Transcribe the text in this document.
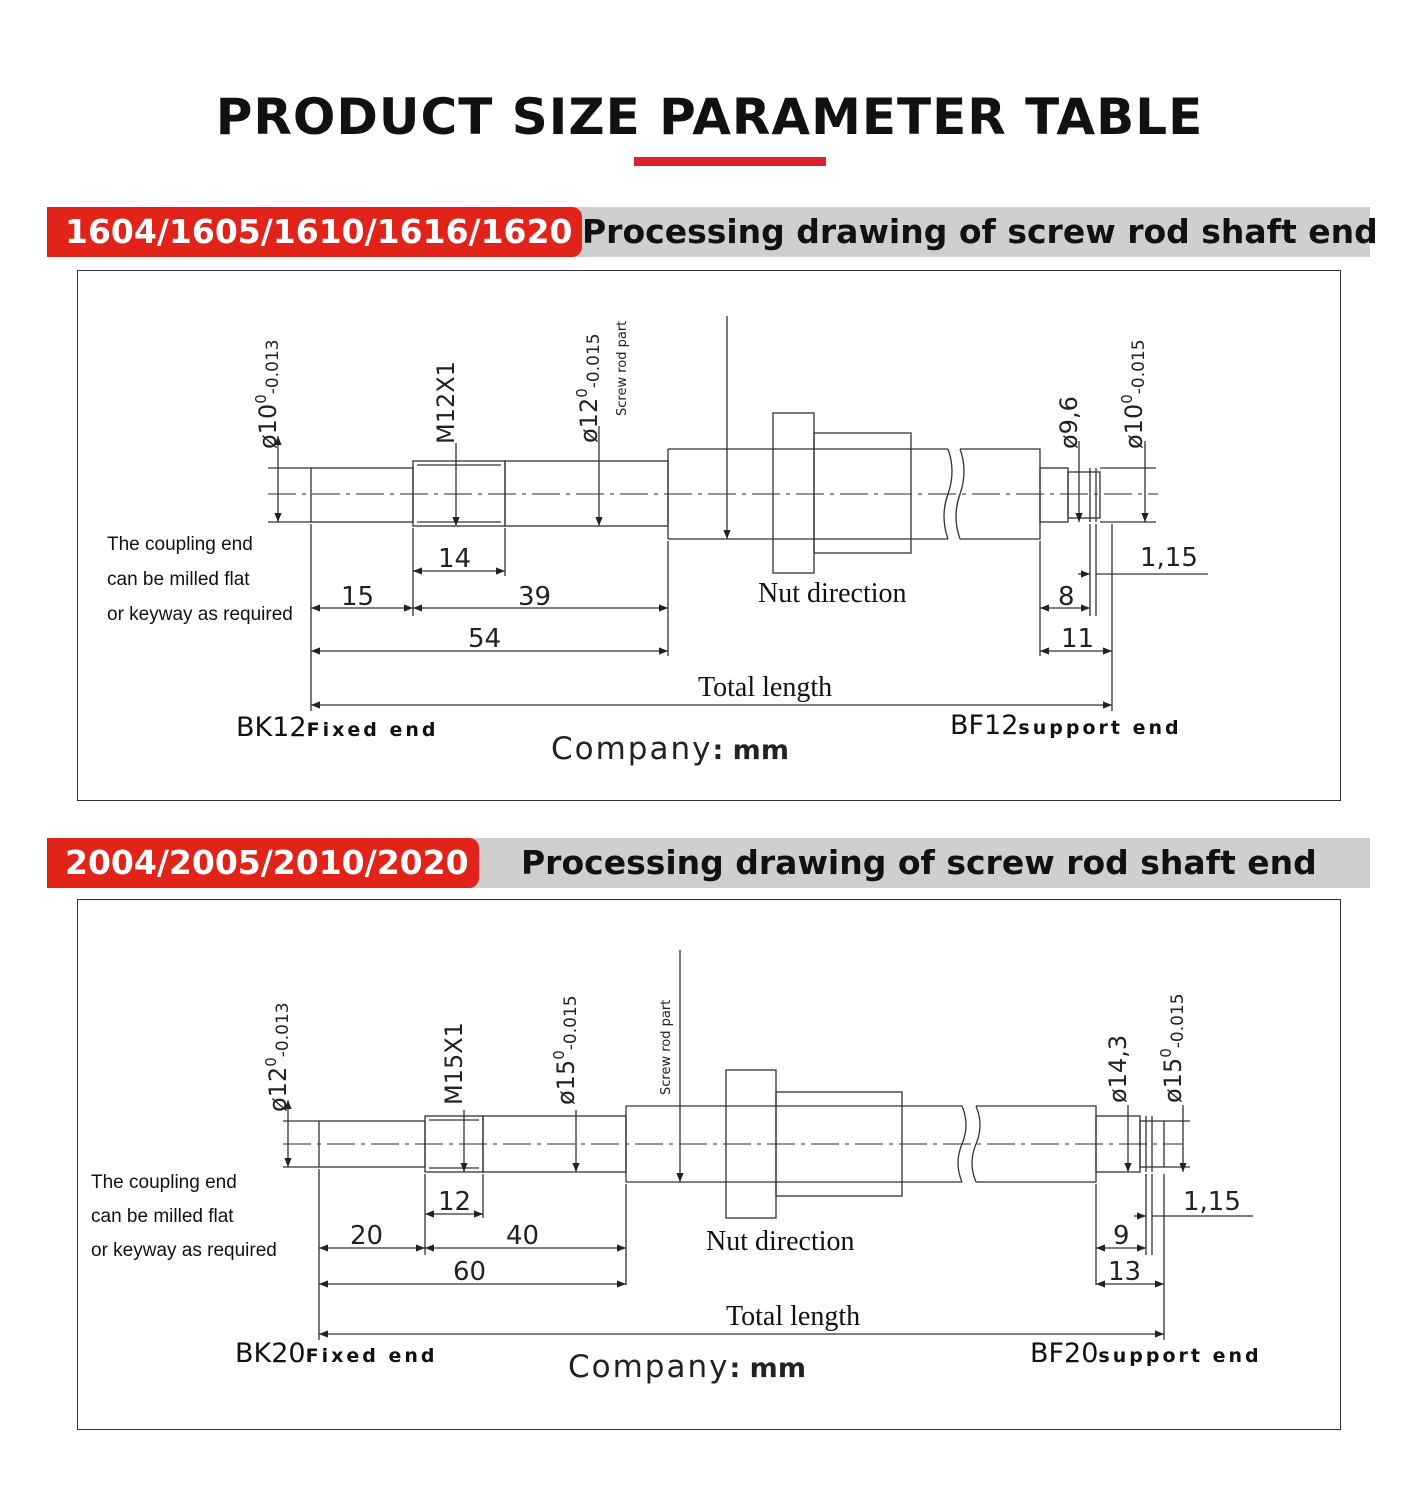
PRODUCT SIZE PARAMETER TABLE
1604/1605/1610/1616/1620 Processing drawing of screw rod shaft end
$ø10^0_{-0.013}$	M12X1	$ø12^0_{-0.015}$ Screw rod part
ø9,6 $ø10^0_{-0.015}$
14
15	39
54
8
11
1,15
The coupling end
can be milled flat
or keyway as required
Nut direction
Total length
BK12Fixed end	BF12support end
Company: mm
2004/2005/2010/2020	Processing drawing of screw rod shaft end
$ø12^0_{-0.013}$	M15X1	$ø15^0_{-0.015}$	Screw rod part	ø14,3 $ø15^0_{-0.015}$
12
20	40
60
9
13
1,15
The coupling end
can be milled flat
or keyway as required	Nut direction
Total length
BK20Fixed end	BF20support end
Company: mm
